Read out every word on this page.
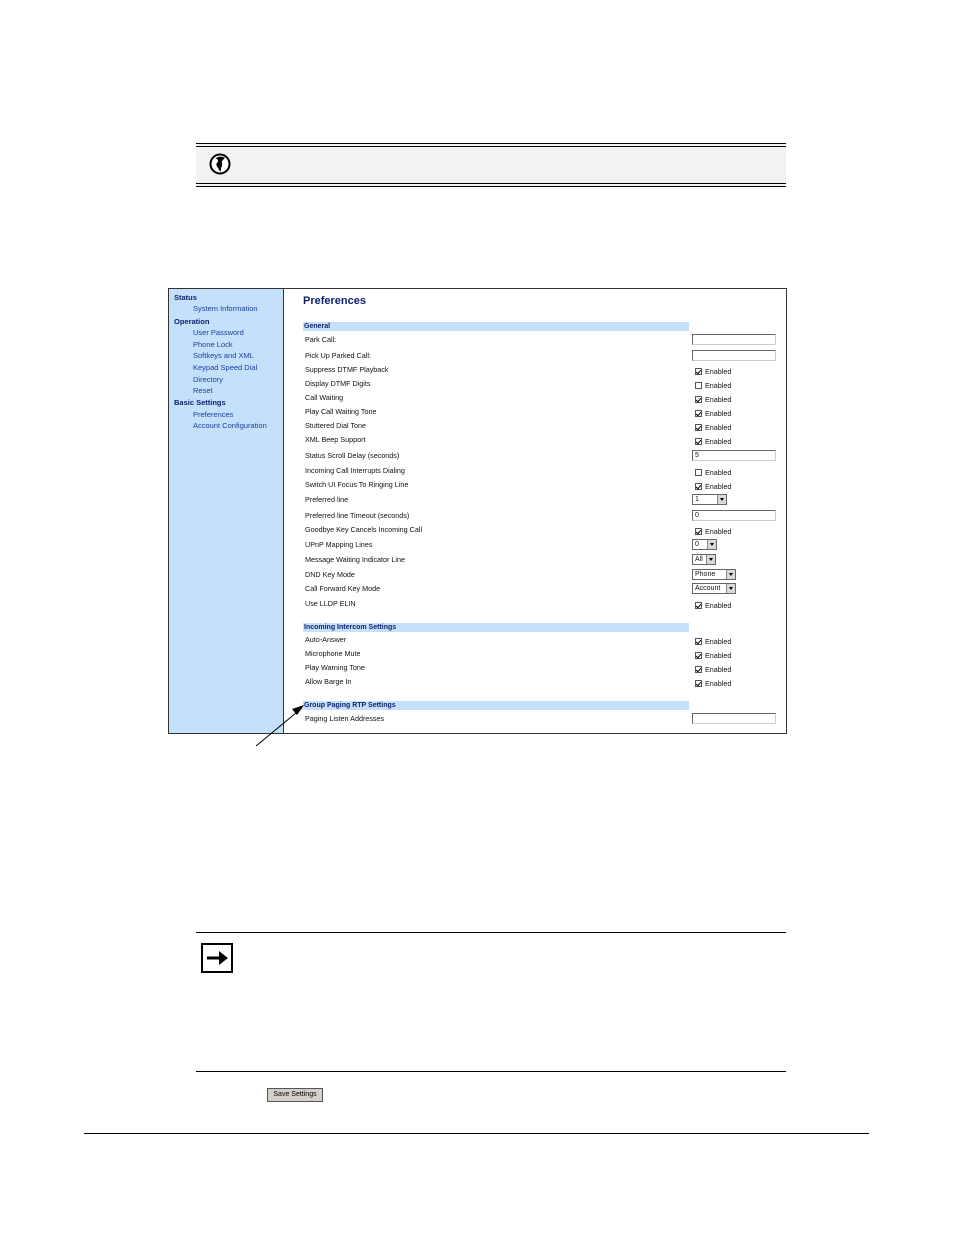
Status
System Information
Operation
User Password
Phone Lock
Softkeys and XML
Keypad Speed Dial
Directory
Reset
Basic Settings
Preferences
Account Configuration
Preferences
General
Incoming Intercom Settings
Group Paging RTP Settings
Park Call:
Pick Up Parked Call:
Suppress DTMF Playback	Enabled
Display DTMF Digits	Enabled
Call Waiting	Enabled
Play Call Waiting Tone	Enabled
Stuttered Dial Tone	Enabled
XML Beep Support	Enabled
Status Scroll Delay (seconds)	5
Incoming Call Interrupts Dialing	Enabled
Switch UI Focus To Ringing Line	Enabled
Preferred line	1
Preferred line Timeout (seconds)	0
Goodbye Key Cancels Incoming Call	Enabled
UPnP Mapping Lines	0
Message Waiting Indicator Line	All
DND Key Mode	Phone
Call Forward Key Mode	Account
Use LLDP ELIN	Enabled
Auto-Answer	Enabled
Microphone Mute	Enabled
Play Warning Tone	Enabled
Allow Barge In	Enabled
Paging Listen Addresses
Save Settings
